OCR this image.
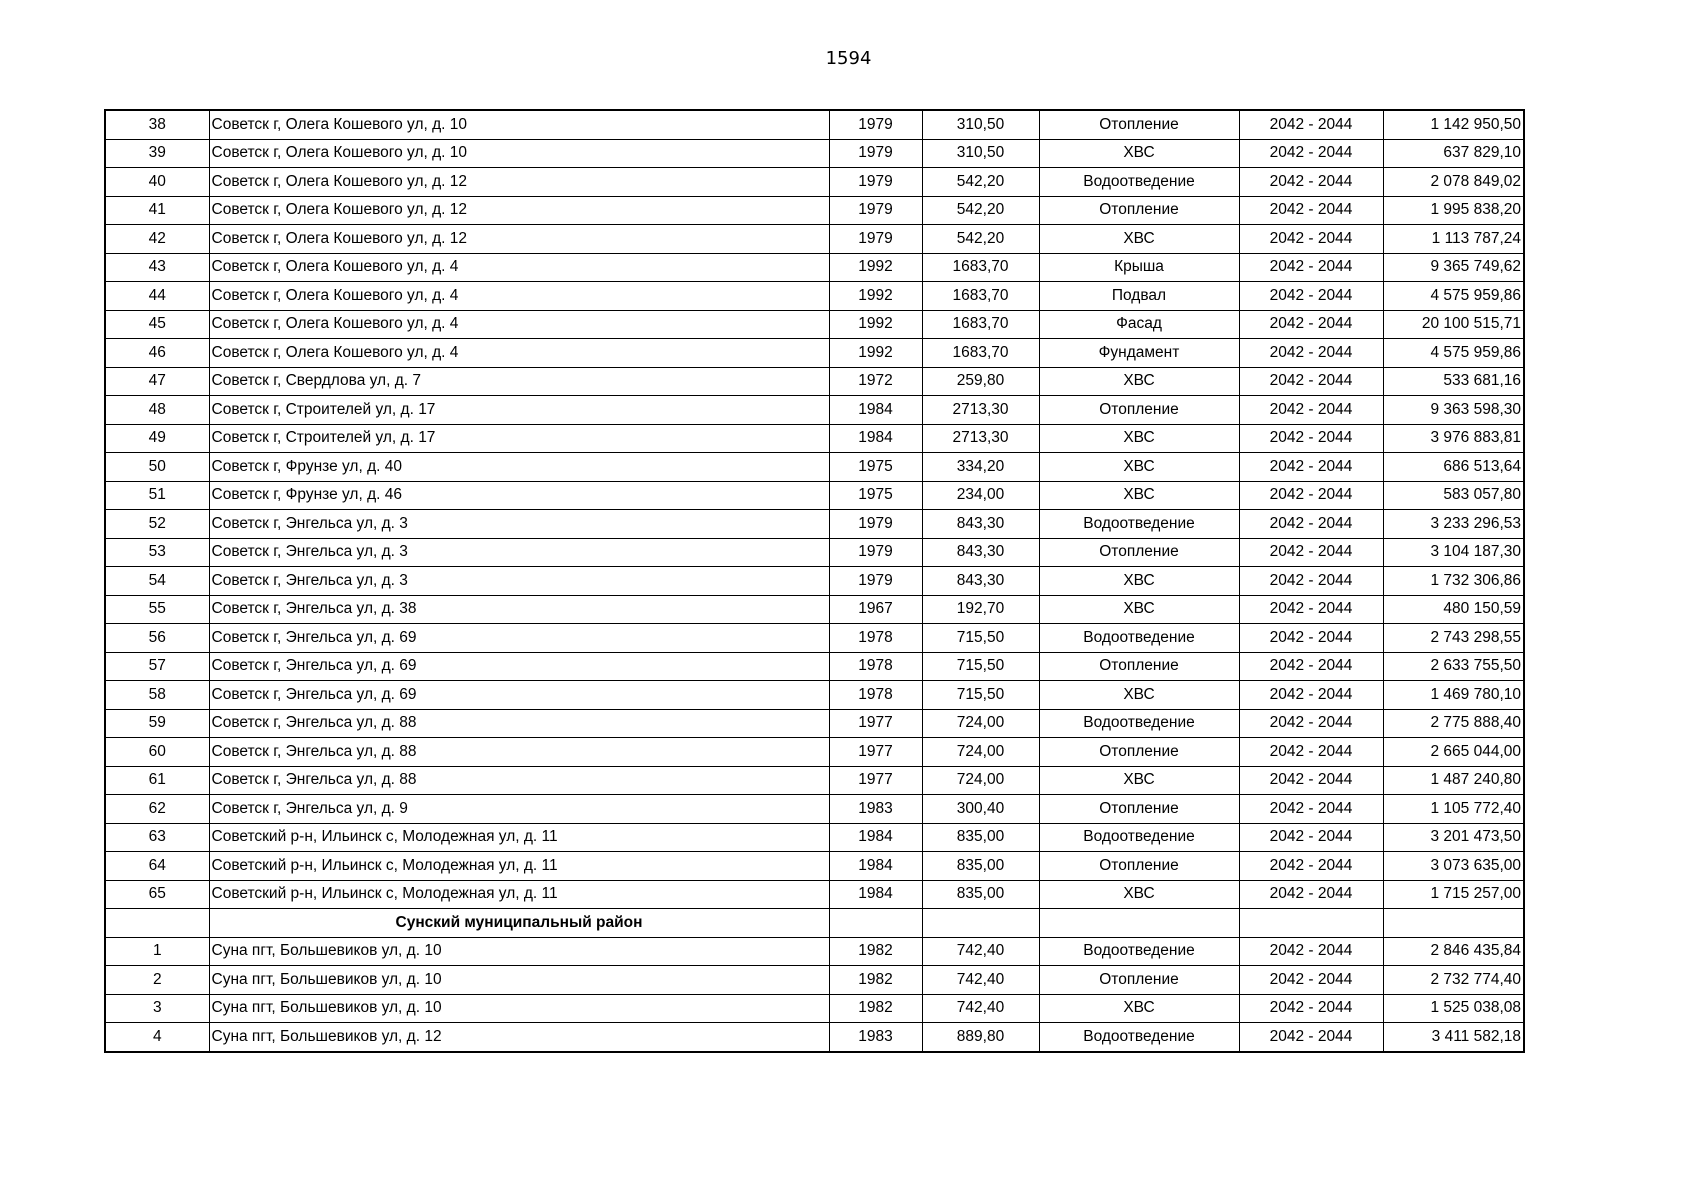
1594
38	Советск г, Олега Кошевого ул, д. 10	1979	310,50	Отопление	2042 - 2044	1 142 950,50
39	Советск г, Олега Кошевого ул, д. 10	1979	310,50	ХВС	2042 - 2044	637 829,10
40	Советск г, Олега Кошевого ул, д. 12	1979	542,20	Водоотведение	2042 - 2044	2 078 849,02
41	Советск г, Олега Кошевого ул, д. 12	1979	542,20	Отопление	2042 - 2044	1 995 838,20
42	Советск г, Олега Кошевого ул, д. 12	1979	542,20	ХВС	2042 - 2044	1 113 787,24
43	Советск г, Олега Кошевого ул, д. 4	1992	1683,70	Крыша	2042 - 2044	9 365 749,62
44	Советск г, Олега Кошевого ул, д. 4	1992	1683,70	Подвал	2042 - 2044	4 575 959,86
45	Советск г, Олега Кошевого ул, д. 4	1992	1683,70	Фасад	2042 - 2044	20 100 515,71
46	Советск г, Олега Кошевого ул, д. 4	1992	1683,70	Фундамент	2042 - 2044	4 575 959,86
47	Советск г, Свердлова ул, д. 7	1972	259,80	ХВС	2042 - 2044	533 681,16
48	Советск г, Строителей ул, д. 17	1984	2713,30	Отопление	2042 - 2044	9 363 598,30
49	Советск г, Строителей ул, д. 17	1984	2713,30	ХВС	2042 - 2044	3 976 883,81
50	Советск г, Фрунзе ул, д. 40	1975	334,20	ХВС	2042 - 2044	686 513,64
51	Советск г, Фрунзе ул, д. 46	1975	234,00	ХВС	2042 - 2044	583 057,80
52	Советск г, Энгельса ул, д. 3	1979	843,30	Водоотведение	2042 - 2044	3 233 296,53
53	Советск г, Энгельса ул, д. 3	1979	843,30	Отопление	2042 - 2044	3 104 187,30
54	Советск г, Энгельса ул, д. 3	1979	843,30	ХВС	2042 - 2044	1 732 306,86
55	Советск г, Энгельса ул, д. 38	1967	192,70	ХВС	2042 - 2044	480 150,59
56	Советск г, Энгельса ул, д. 69	1978	715,50	Водоотведение	2042 - 2044	2 743 298,55
57	Советск г, Энгельса ул, д. 69	1978	715,50	Отопление	2042 - 2044	2 633 755,50
58	Советск г, Энгельса ул, д. 69	1978	715,50	ХВС	2042 - 2044	1 469 780,10
59	Советск г, Энгельса ул, д. 88	1977	724,00	Водоотведение	2042 - 2044	2 775 888,40
60	Советск г, Энгельса ул, д. 88	1977	724,00	Отопление	2042 - 2044	2 665 044,00
61	Советск г, Энгельса ул, д. 88	1977	724,00	ХВС	2042 - 2044	1 487 240,80
62	Советск г, Энгельса ул, д. 9	1983	300,40	Отопление	2042 - 2044	1 105 772,40
63	Советский р-н, Ильинск с, Молодежная ул, д. 11	1984	835,00	Водоотведение	2042 - 2044	3 201 473,50
64	Советский р-н, Ильинск с, Молодежная ул, д. 11	1984	835,00	Отопление	2042 - 2044	3 073 635,00
65	Советский р-н, Ильинск с, Молодежная ул, д. 11	1984	835,00	ХВС	2042 - 2044	1 715 257,00
	Сунский муниципальный район					
1	Суна пгт, Большевиков ул, д. 10	1982	742,40	Водоотведение	2042 - 2044	2 846 435,84
2	Суна пгт, Большевиков ул, д. 10	1982	742,40	Отопление	2042 - 2044	2 732 774,40
3	Суна пгт, Большевиков ул, д. 10	1982	742,40	ХВС	2042 - 2044	1 525 038,08
4	Суна пгт, Большевиков ул, д. 12	1983	889,80	Водоотведение	2042 - 2044	3 411 582,18
